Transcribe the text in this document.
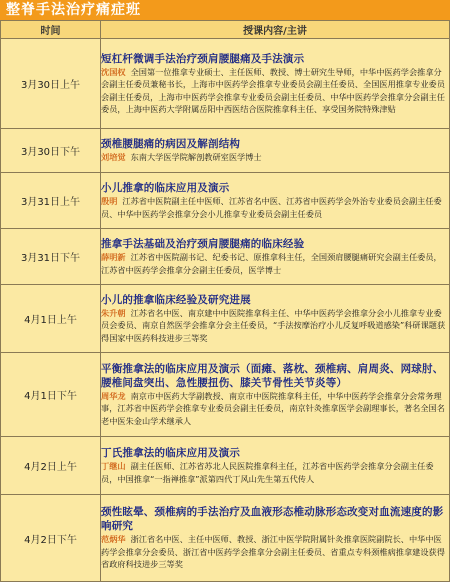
整脊手法治疗痛症班
时间	授课内容/主讲
3月30日上午	短杠杆微调手法治疗颈肩腰腿痛及手法演示
沈国权 全国第一位推拿专业硕士、主任医师、教授、博士研究生导师，中华中医药学会推拿分会副主任委员兼秘书长，上海市中医药学会推拿专业委员会副主任委员、全国医用推拿专业委员会副主任委员，上海市中医药学会推拿专业委员会副主任委员、中华中医药学会推拿分会副主任委员，上海中医药大学附属岳阳中西医结合医院推拿科主任、享受国务院特殊津贴

3月30日下午	颈椎腰腿痛的病因及解剖结构
刘培觉 东南大学医学院解剖教研室医学博士

3月31日上午	小儿推拿的临床应用及演示
殷明 江苏省中医院副主任中医师、江苏省名中医、江苏省中医药学会外治专业委员会副主任委员、中华中医药学会推拿分会小儿推拿专业委员会副主任委员

3月31日下午	推拿手法基础及治疗颈肩腰腿痛的临床经验
薛明新 江苏省中医院副书记、纪委书记、原推拿科主任，全国颈肩腰腿痛研究会副主任委员，江苏省中医药学会推拿分会副主任委员，医学博士

4月1日上午	小儿的推拿临床经验及研究进展
朱升朝 江苏省名中医、南京建中中医院推拿科主任、中华中医药学会推拿分会小儿推拿专业委员会委员、南京自然医学会推拿分会主任委员，“手法按摩治疗小儿反复呼吸道感染”科研课题获得国家中医药科技进步三等奖

4月1日下午	平衡推拿法的临床应用及演示（面瘫、落枕、颈椎病、肩周炎、网球肘、腰椎间盘突出、急性腰扭伤、膝关节骨性关节炎等）
周华龙 南京市中医药大学副教授、南京市中医院推拿科主任，中华中医药学会推拿分会常务理事，江苏省中医药学会推拿专业委员会副主任委员，南京针灸推拿医学会副理事长，著名全国名老中医朱金山学术继承人

4月2日上午	丁氏推拿法的临床应用及演示
丁继山 副主任医师、江苏省苏北人民医院推拿科主任，江苏省中医药学会推拿分会副主任委员，中国推拿“一指禅推拿”派第四代丁风山先生第五代传人

4月2日下午	颈性眩晕、颈椎病的手法治疗及血液形态椎动脉形态改变对血流速度的影响研究
范炳华 浙江省名中医、主任中医师、教授、浙江中医学院附属针灸推拿医院副院长、中华中医药学会推拿分会委员、浙江省中医药学会推拿分会副主任委员、省重点专科颈椎病推拿建设获得省政府科技进步三等奖
